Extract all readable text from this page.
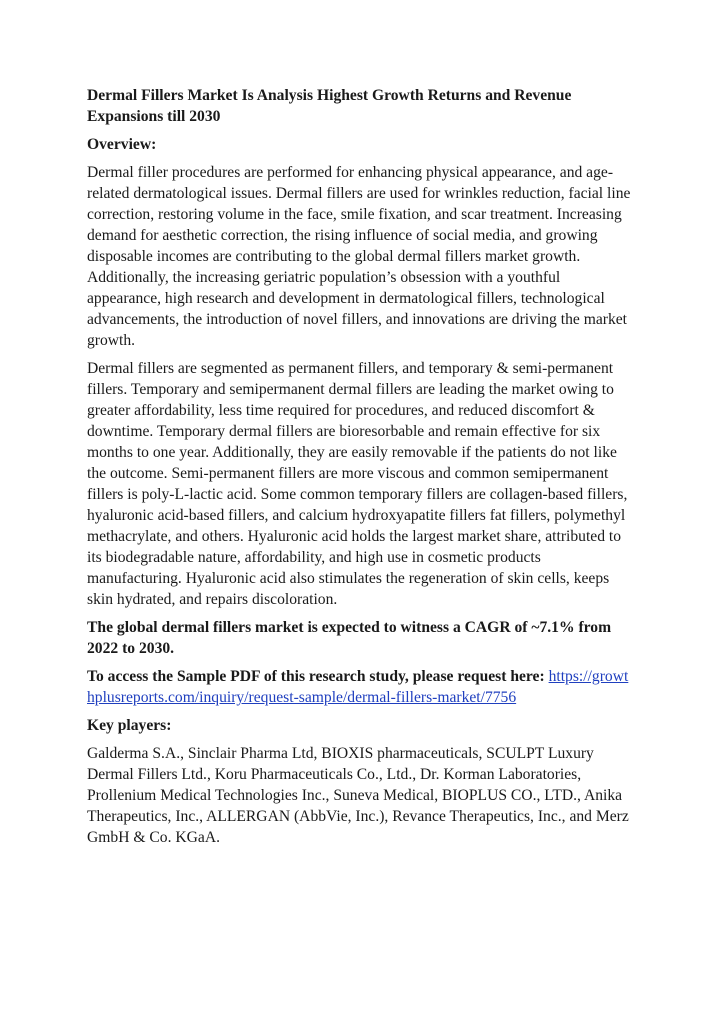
Dermal Fillers Market Is Analysis Highest Growth Returns and Revenue Expansions till 2030

Overview:

Dermal filler procedures are performed for enhancing physical appearance, and age-related dermatological issues. Dermal fillers are used for wrinkles reduction, facial line correction, restoring volume in the face, smile fixation, and scar treatment. Increasing demand for aesthetic correction, the rising influence of social media, and growing disposable incomes are contributing to the global dermal fillers market growth. Additionally, the increasing geriatric population’s obsession with a youthful appearance, high research and development in dermatological fillers, technological advancements, the introduction of novel fillers, and innovations are driving the market growth.

Dermal fillers are segmented as permanent fillers, and temporary & semi-permanent fillers. Temporary and semipermanent dermal fillers are leading the market owing to greater affordability, less time required for procedures, and reduced discomfort & downtime. Temporary dermal fillers are bioresorbable and remain effective for six months to one year. Additionally, they are easily removable if the patients do not like the outcome. Semi-permanent fillers are more viscous and common semipermanent fillers is poly-L-lactic acid. Some common temporary fillers are collagen-based fillers, hyaluronic acid-based fillers, and calcium hydroxyapatite fillers fat fillers, polymethyl methacrylate, and others. Hyaluronic acid holds the largest market share, attributed to its biodegradable nature, affordability, and high use in cosmetic products manufacturing. Hyaluronic acid also stimulates the regeneration of skin cells, keeps skin hydrated, and repairs discoloration.

The global dermal fillers market is expected to witness a CAGR of ~7.1% from 2022 to 2030.

To access the Sample PDF of this research study, please request here: https://growthplusreports.com/inquiry/request-sample/dermal-fillers-market/7756

Key players:

Galderma S.A., Sinclair Pharma Ltd, BIOXIS pharmaceuticals, SCULPT Luxury Dermal Fillers Ltd., Koru Pharmaceuticals Co., Ltd., Dr. Korman Laboratories, Prollenium Medical Technologies Inc., Suneva Medical, BIOPLUS CO., LTD., Anika Therapeutics, Inc., ALLERGAN (AbbVie, Inc.), Revance Therapeutics, Inc., and Merz GmbH & Co. KGaA.
